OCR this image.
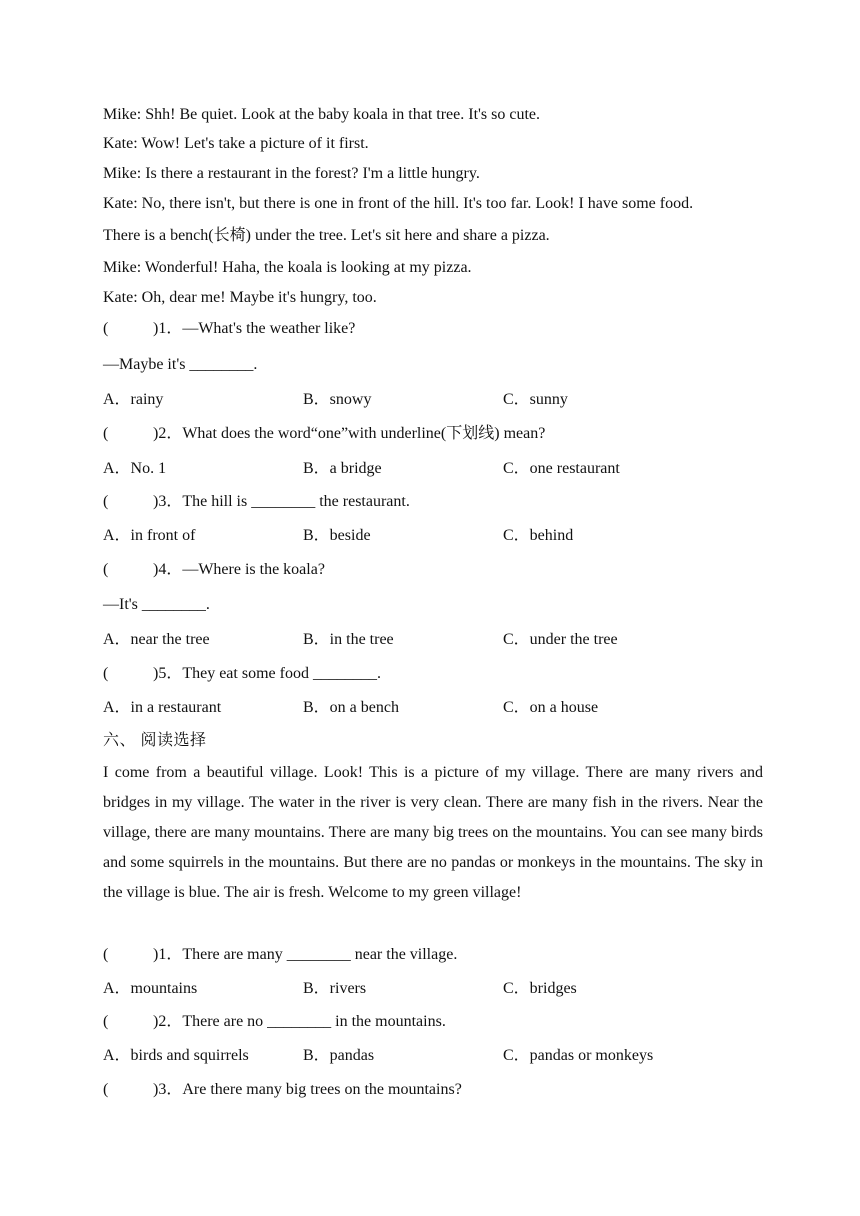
Mike: Shh! Be quiet. Look at the baby koala in that tree. It's so cute.
Kate: Wow! Let's take a picture of it first.
Mike: Is there a restaurant in the forest? I'm a little hungry.
Kate: No, there isn't, but there is one in front of the hill. It's too far. Look! I have some food.
There is a bench(长椅) under the tree. Let's sit here and share a pizza.
Mike: Wonderful! Haha, the koala is looking at my pizza.
Kate: Oh, dear me! Maybe it's hungry, too.
(	)1．—What's the weather like?
—Maybe it's ________.
A．rainy	B．snowy	C．sunny
(	)2．What does the word“one”with underline(下划线) mean?
A．No. 1	B．a bridge	C．one restaurant
(	)3．The hill is ________ the restaurant.
A．in front of	B．beside	C．behind
(	)4．—Where is the koala?
—It's ________.
A．near the tree	B．in the tree	C．under the tree
(	)5．They eat some food ________.
A．in a restaurant	B．on a bench	C．on a house
六、 阅读选择
I come from a beautiful village. Look! This is a picture of my village. There are many rivers and bridges in my village. The water in the river is very clean. There are many fish in the rivers. Near the village, there are many mountains. There are many big trees on the mountains. You can see many birds and some squirrels in the mountains. But there are no pandas or monkeys in the mountains. The sky in the village is blue. The air is fresh. Welcome to my green village!
(	)1．There are many ________ near the village.
A．mountains	B．rivers	C．bridges
(	)2．There are no ________ in the mountains.
A．birds and squirrels	B．pandas	C．pandas or monkeys
(	)3．Are there many big trees on the mountains?
